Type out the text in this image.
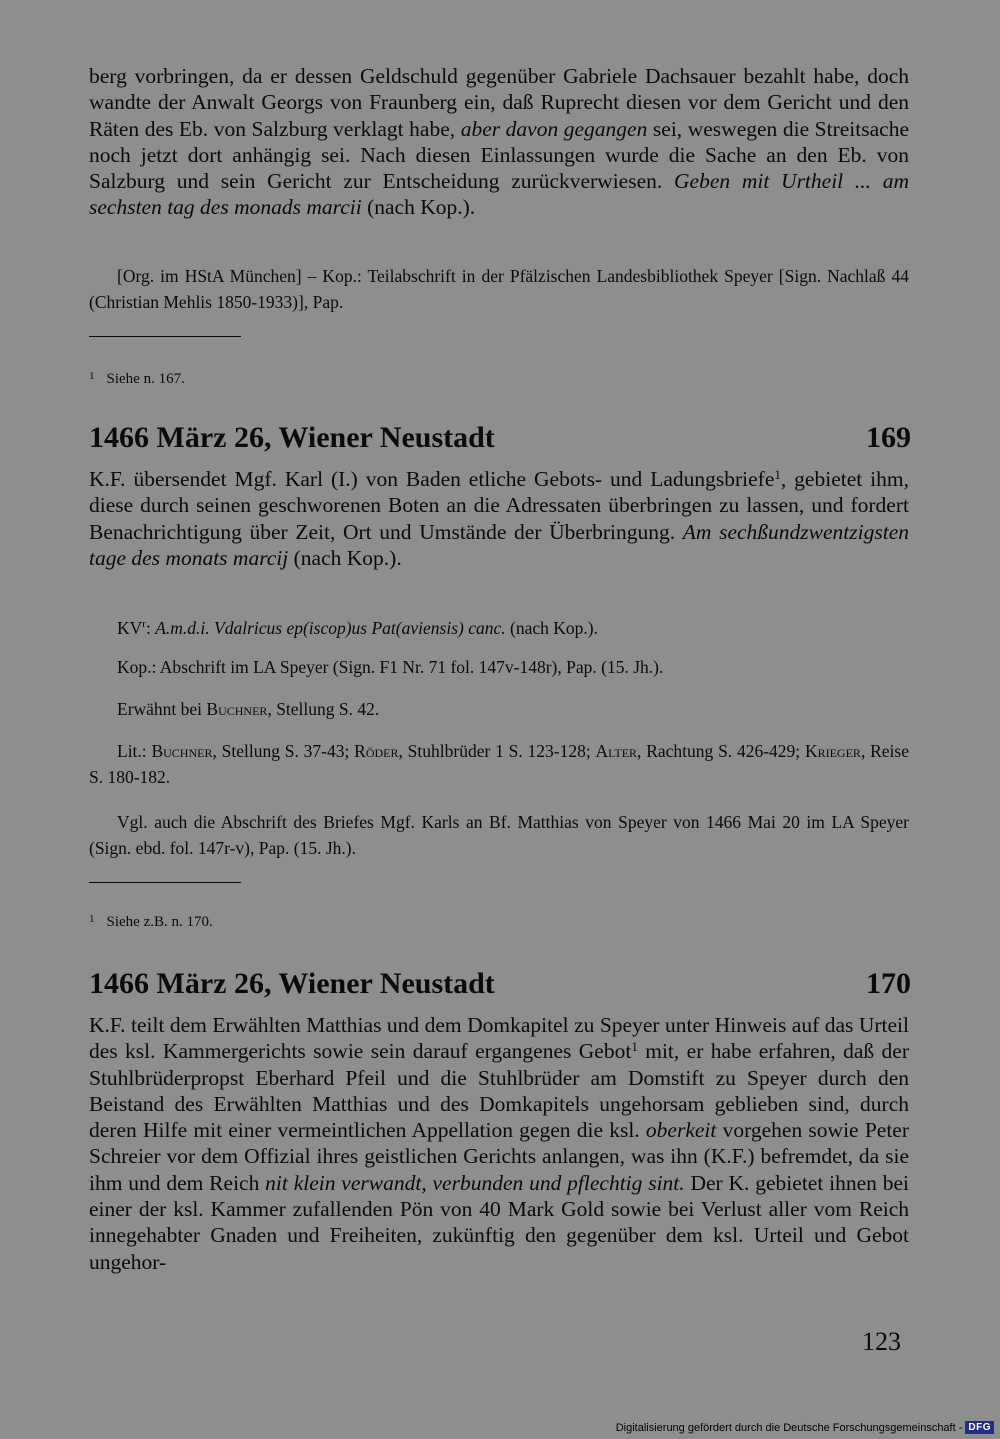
berg vorbringen, da er dessen Geldschuld gegenüber Gabriele Dachsauer bezahlt habe, doch wandte der Anwalt Georgs von Fraunberg ein, daß Ruprecht diesen vor dem Gericht und den Räten des Eb. von Salzburg verklagt habe, aber davon gegangen sei, weswegen die Streitsache noch jetzt dort anhängig sei. Nach diesen Einlassungen wurde die Sache an den Eb. von Salzburg und sein Gericht zur Entscheidung zurückverwiesen. Geben mit Urtheil ... am sechsten tag des monads marcii (nach Kop.).
[Org. im HStA München] – Kop.: Teilabschrift in der Pfälzischen Landesbibliothek Speyer [Sign. Nachlaß 44 (Christian Mehlis 1850-1933)], Pap.
$^1$ Siehe n. 167.
1466 März 26, Wiener Neustadt	169
K.F. übersendet Mgf. Karl (I.) von Baden etliche Gebots- und Ladungsbriefe$^1$, gebietet ihm, diese durch seinen geschworenen Boten an die Adressaten überbringen zu lassen, und fordert Benachrichtigung über Zeit, Ort und Umstände der Überbringung. Am sechßundzwentzigsten tage des monats marcij (nach Kop.).
$KV^r$: A.m.d.i. Vdalricus ep(iscop)us Pat(aviensis) canc. (nach Kop.).
Kop.: Abschrift im LA Speyer (Sign. F1 Nr. 71 fol. 147v-148r), Pap. (15. Jh.).
Erwähnt bei Buchner, Stellung S. 42.
Lit.: Buchner, Stellung S. 37-43; Röder, Stuhlbrüder 1 S. 123-128; Alter, Rachtung S. 426-429; Krieger, Reise S. 180-182.
Vgl. auch die Abschrift des Briefes Mgf. Karls an Bf. Matthias von Speyer von 1466 Mai 20 im LA Speyer (Sign. ebd. fol. 147r-v), Pap. (15. Jh.).
$^1$ Siehe z.B. n. 170.
1466 März 26, Wiener Neustadt	170
K.F. teilt dem Erwählten Matthias und dem Domkapitel zu Speyer unter Hinweis auf das Urteil des ksl. Kammergerichts sowie sein darauf ergangenes Gebot$^1$ mit, er habe erfahren, daß der Stuhlbrüderpropst Eberhard Pfeil und die Stuhlbrüder am Domstift zu Speyer durch den Beistand des Erwählten Matthias und des Domkapitels ungehorsam geblieben sind, durch deren Hilfe mit einer vermeintlichen Appellation gegen die ksl. oberkeit vorgehen sowie Peter Schreier vor dem Offizial ihres geistlichen Gerichts anlangen, was ihn (K.F.) befremdet, da sie ihm und dem Reich nit klein verwandt, verbunden und pflechtig sint. Der K. gebietet ihnen bei einer der ksl. Kammer zufallenden Pön von 40 Mark Gold sowie bei Verlust aller vom Reich innegehabter Gnaden und Freiheiten, zukünftig den gegenüber dem ksl. Urteil und Gebot ungehor-
123
Digitalisierung gefördert durch die Deutsche Forschungsgemeinschaft - DFG
